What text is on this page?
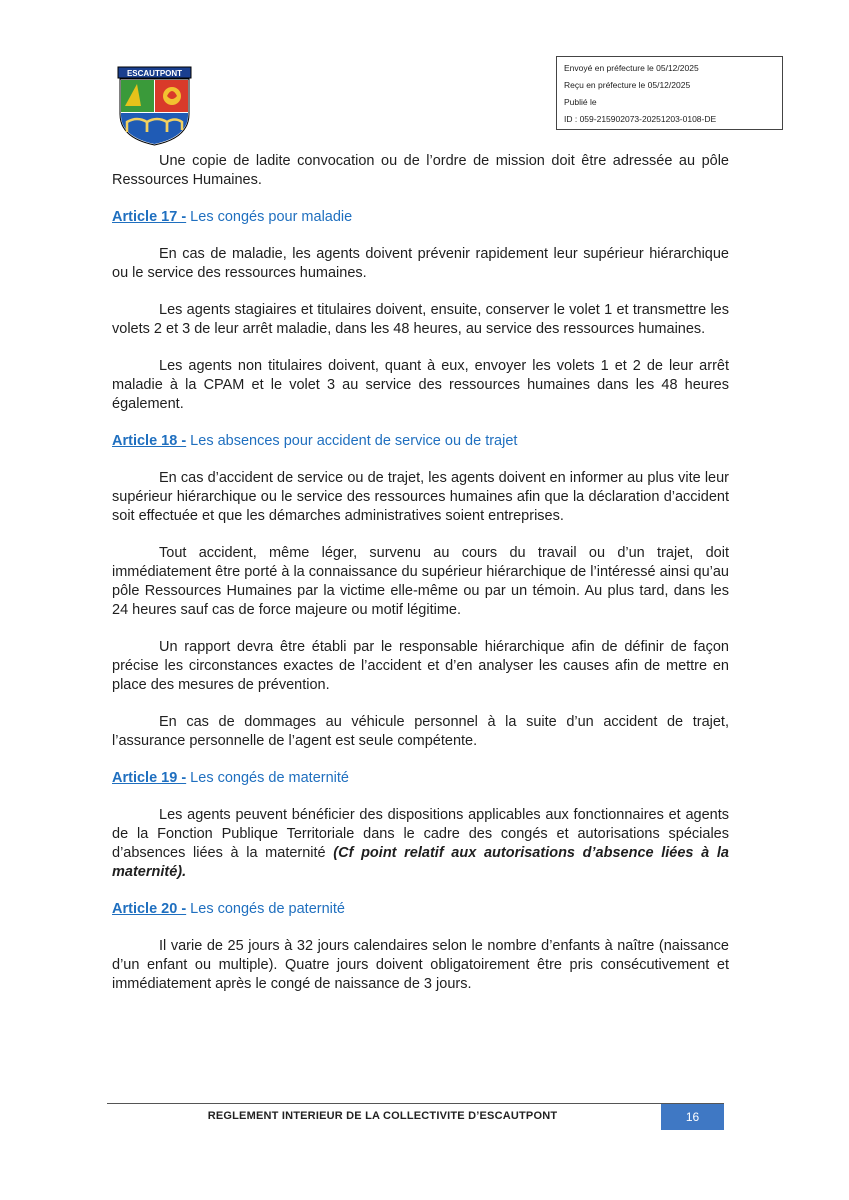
ESCAUTPONT
Envoyé en préfecture le 05/12/2025
Reçu en préfecture le 05/12/2025
Publié le
ID : 059-215902073-20251203-0108-DE

Une copie de ladite convocation ou de l’ordre de mission doit être adressée au pôle Ressources Humaines.

Article 17 - Les congés pour maladie

En cas de maladie, les agents doivent prévenir rapidement leur supérieur hiérarchique ou le service des ressources humaines.

Les agents stagiaires et titulaires doivent, ensuite, conserver le volet 1 et transmettre les volets 2 et 3 de leur arrêt maladie, dans les 48 heures, au service des ressources humaines.

Les agents non titulaires doivent, quant à eux, envoyer les volets 1 et 2 de leur arrêt maladie à la CPAM et le volet 3 au service des ressources humaines dans les 48 heures également.

Article 18 - Les absences pour accident de service ou de trajet

En cas d’accident de service ou de trajet, les agents doivent en informer au plus vite leur supérieur hiérarchique ou le service des ressources humaines afin que la déclaration d’accident soit effectuée et que les démarches administratives soient entreprises.

Tout accident, même léger, survenu au cours du travail ou d’un trajet, doit immédiatement être porté à la connaissance du supérieur hiérarchique de l’intéressé ainsi qu’au pôle Ressources Humaines par la victime elle-même ou par un témoin. Au plus tard, dans les 24 heures sauf cas de force majeure ou motif légitime.

Un rapport devra être établi par le responsable hiérarchique afin de définir de façon précise les circonstances exactes de l’accident et d’en analyser les causes afin de mettre en place des mesures de prévention.

En cas de dommages au véhicule personnel à la suite d’un accident de trajet, l’assurance personnelle de l’agent est seule compétente.

Article 19 - Les congés de maternité

Les agents peuvent bénéficier des dispositions applicables aux fonctionnaires et agents de la Fonction Publique Territoriale dans le cadre des congés et autorisations spéciales d’absences liées à la maternité (Cf point relatif aux autorisations d’absence liées à la maternité).

Article 20 - Les congés de paternité

Il varie de 25 jours à 32 jours calendaires selon le nombre d’enfants à naître (naissance d’un enfant ou multiple). Quatre jours doivent obligatoirement être pris consécutivement et immédiatement après le congé de naissance de 3 jours.

REGLEMENT INTERIEUR DE LA COLLECTIVITE D’ESCAUTPONT	16
